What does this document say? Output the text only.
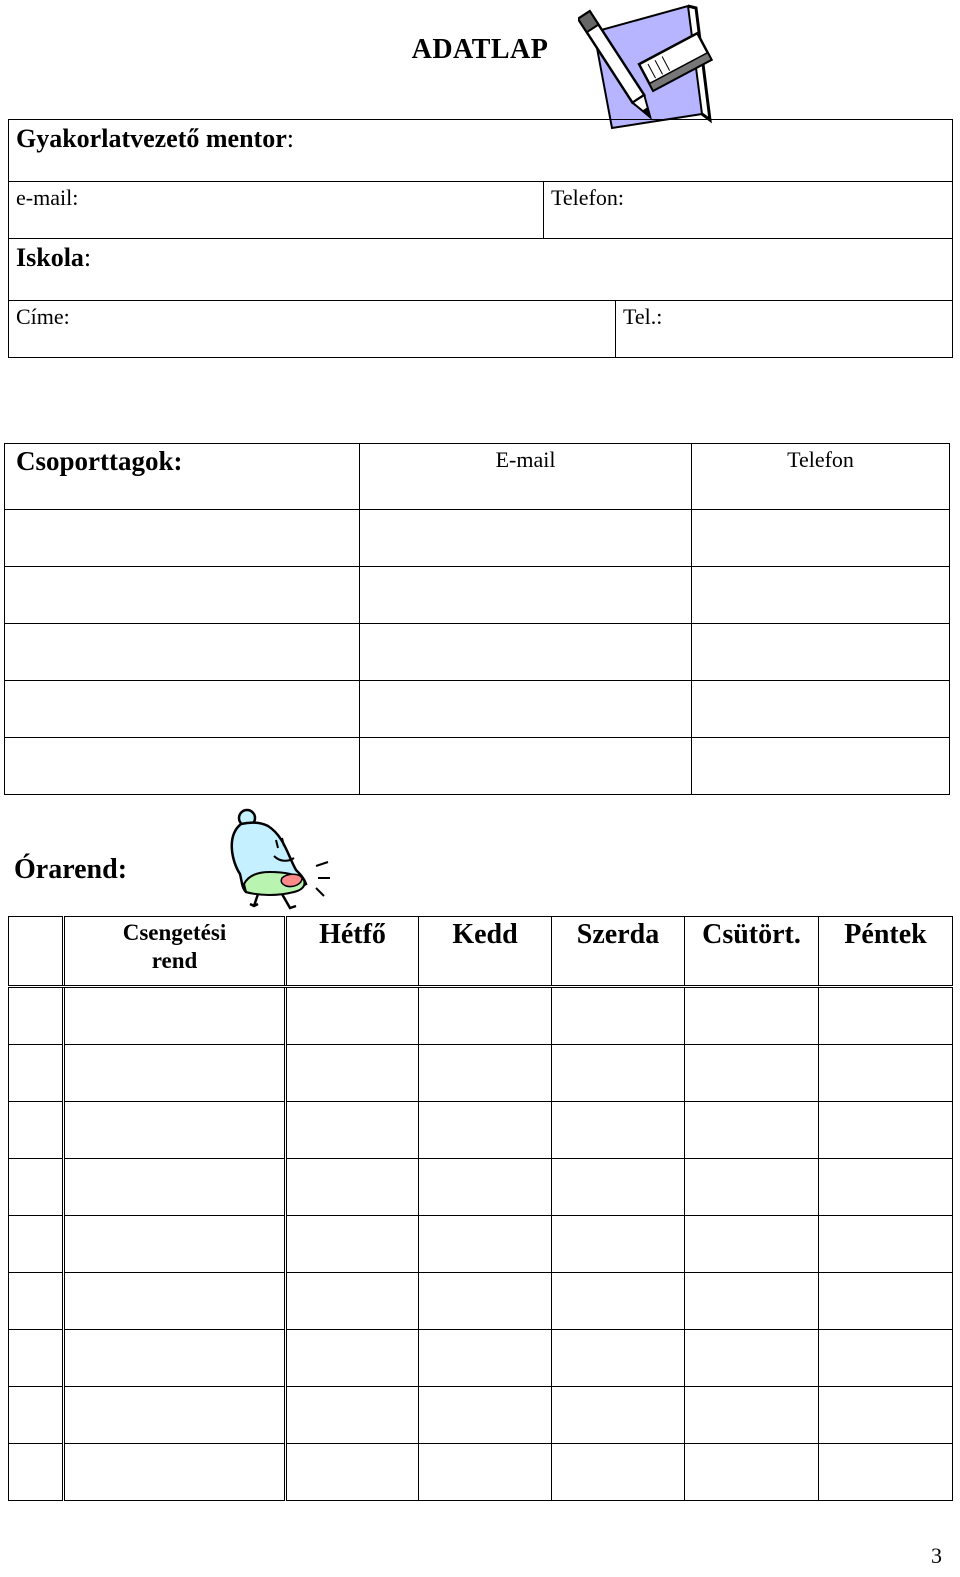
ADATLAP
Gyakorlatvezető mentor:		
e-mail:	Telefon:	
Iskola:		
Címe:		Tel.:
Csoporttagok:	E-mail	Telefon

Órarend:

	Csengetési
rend	Hétfő	Kedd	Szerda	Csütört.	Péntek

3
